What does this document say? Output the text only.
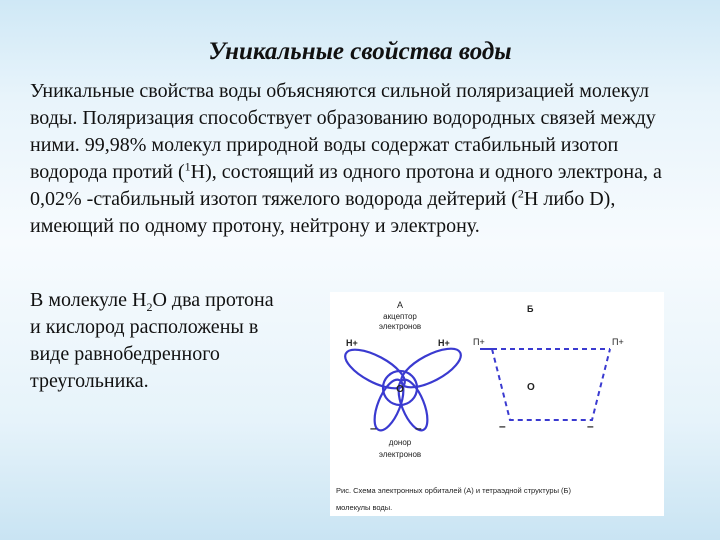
Уникальные свойства воды

Уникальные свойства воды объясняются сильной поляризацией молекул воды. Поляризация способствует образованию водородных связей между ними. 99,98% молекул природной воды содержат стабильный изотоп водорода протий ($^1$H), состоящий из одного протона и одного электрона, а 0,02% -стабильный изотоп тяжелого водорода дейтерий ($^2$H либо D), имеющий по одному протону, нейтрону и электрону.

В молекуле $H_2O$ два протона и кислород расположены в виде равнобедренного треугольника.

А
акцептор
электронов
H+	H+
O
–	–
донор
электронов
Б
П+	П+
O
–	–
Рис. Схема электронных орбиталей (А) и тетраэдной структуры (Б)
молекулы воды.
